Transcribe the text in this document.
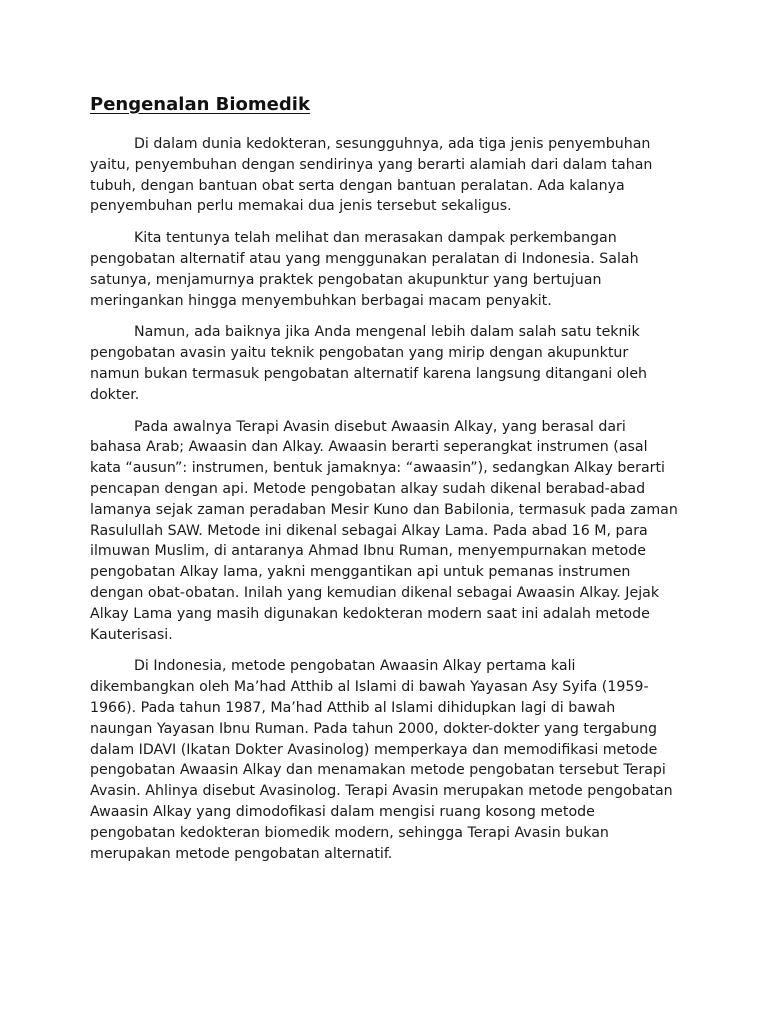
Pengenalan Biomedik

Di dalam dunia kedokteran, sesungguhnya, ada tiga jenis penyembuhan yaitu, penyembuhan dengan sendirinya yang berarti alamiah dari dalam tahan tubuh, dengan bantuan obat serta dengan bantuan peralatan. Ada kalanya penyembuhan perlu memakai dua jenis tersebut sekaligus.

Kita tentunya telah melihat dan merasakan dampak perkembangan pengobatan alternatif atau yang menggunakan peralatan di Indonesia. Salah satunya, menjamurnya praktek pengobatan akupunktur yang bertujuan meringankan hingga menyembuhkan berbagai macam penyakit.

Namun, ada baiknya jika Anda mengenal lebih dalam salah satu teknik pengobatan avasin yaitu teknik pengobatan yang mirip dengan akupunktur namun bukan termasuk pengobatan alternatif karena langsung ditangani oleh dokter.

Pada awalnya Terapi Avasin disebut Awaasin Alkay, yang berasal dari bahasa Arab; Awaasin dan Alkay. Awaasin berarti seperangkat instrumen (asal kata “ausun”: instrumen, bentuk jamaknya: “awaasin”), sedangkan Alkay berarti pencapan dengan api. Metode pengobatan alkay sudah dikenal berabad-abad lamanya sejak zaman peradaban Mesir Kuno dan Babilonia, termasuk pada zaman Rasulullah SAW. Metode ini dikenal sebagai Alkay Lama. Pada abad 16 M, para ilmuwan Muslim, di antaranya Ahmad Ibnu Ruman, menyempurnakan metode pengobatan Alkay lama, yakni menggantikan api untuk pemanas instrumen dengan obat-obatan. Inilah yang kemudian dikenal sebagai Awaasin Alkay. Jejak Alkay Lama yang masih digunakan kedokteran modern saat ini adalah metode Kauterisasi.

Di Indonesia, metode pengobatan Awaasin Alkay pertama kali dikembangkan oleh Ma’had Atthib al Islami di bawah Yayasan Asy Syifa (1959-1966). Pada tahun 1987, Ma’had Atthib al Islami dihidupkan lagi di bawah naungan Yayasan Ibnu Ruman. Pada tahun 2000, dokter-dokter yang tergabung dalam IDAVI (Ikatan Dokter Avasinolog) memperkaya dan memodifikasi metode pengobatan Awaasin Alkay dan menamakan metode pengobatan tersebut Terapi Avasin. Ahlinya disebut Avasinolog. Terapi Avasin merupakan metode pengobatan Awaasin Alkay yang dimodofikasi dalam mengisi ruang kosong metode pengobatan kedokteran biomedik modern, sehingga Terapi Avasin bukan merupakan metode pengobatan alternatif.
